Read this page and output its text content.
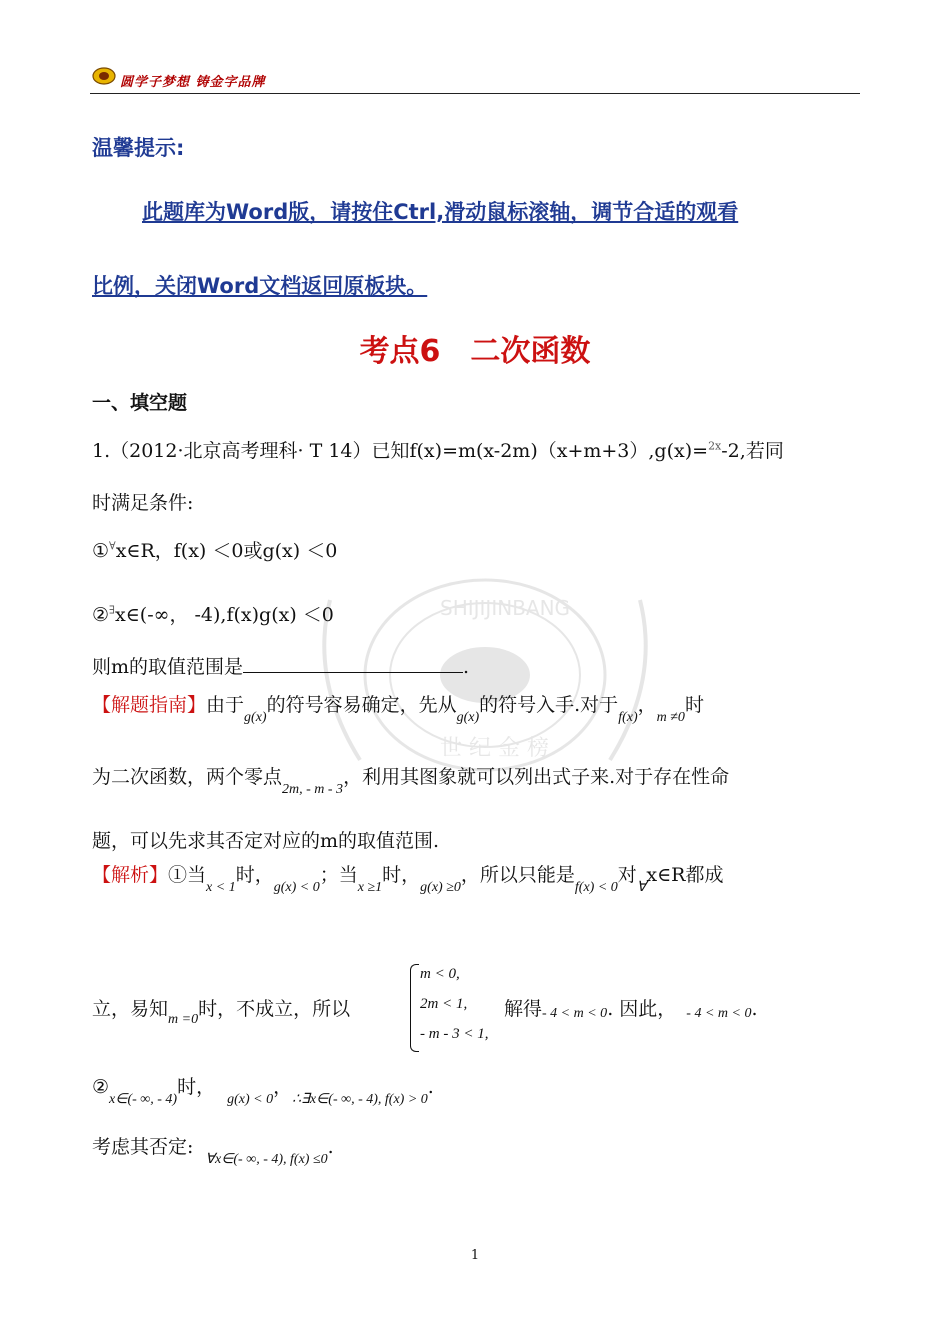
圆学子梦想 铸金字品牌
温馨提示:
此题库为Word版，请按住Ctrl,滑动鼠标滚轴，调节合适的观看
比例，关闭Word文档返回原板块。
考点6　二次函数
一、填空题
SHIJIJINBANG
世 纪 金 榜
1.（2012·北京高考理科· T 14）已知f(x)=m(x-2m)（x+m+3）,g(x)=$^{2x}$-2,若同
时满足条件:
①∀x∈R，f(x) ＜0或g(x) ＜0
②∃x∈(-∞， -4),f(x)g(x) ＜0
则m的取值范围是	.
【解题指南】由于$_{g(x)}$的符号容易确定，先从$_{g(x)}$的符号入手.对于$_{f(x)}$，$_{m \ne 0}$时
为二次函数，两个零点$_{2m, - m - 3}$，利用其图象就可以列出式子来.对于存在性命
题，可以先求其否定对应的m的取值范围.
【解析】①当$_{x < 1}$时，$_{g(x) < 0}$；当$_{x \ge 1}$时，$_{g(x) \ge 0}$，所以只能是$_{f(x) < 0}$对$_\forall$x∈R都成
立，易知$_{m =0}$时，不成立，所以
m < 0,
2m < 1,
- m - 3 < 1,
解得- 4 < m < 0. 因此， - 4 < m < 0.
$②_{x\in(- \infty, - 4)}$时，$_{g(x) < 0}$，$_{\therefore\exists x\in(- \infty, - 4), f(x) > 0}$.
考虑其否定$:_{\forall x\in(- \infty, - 4), f(x) \le 0}$.
1
